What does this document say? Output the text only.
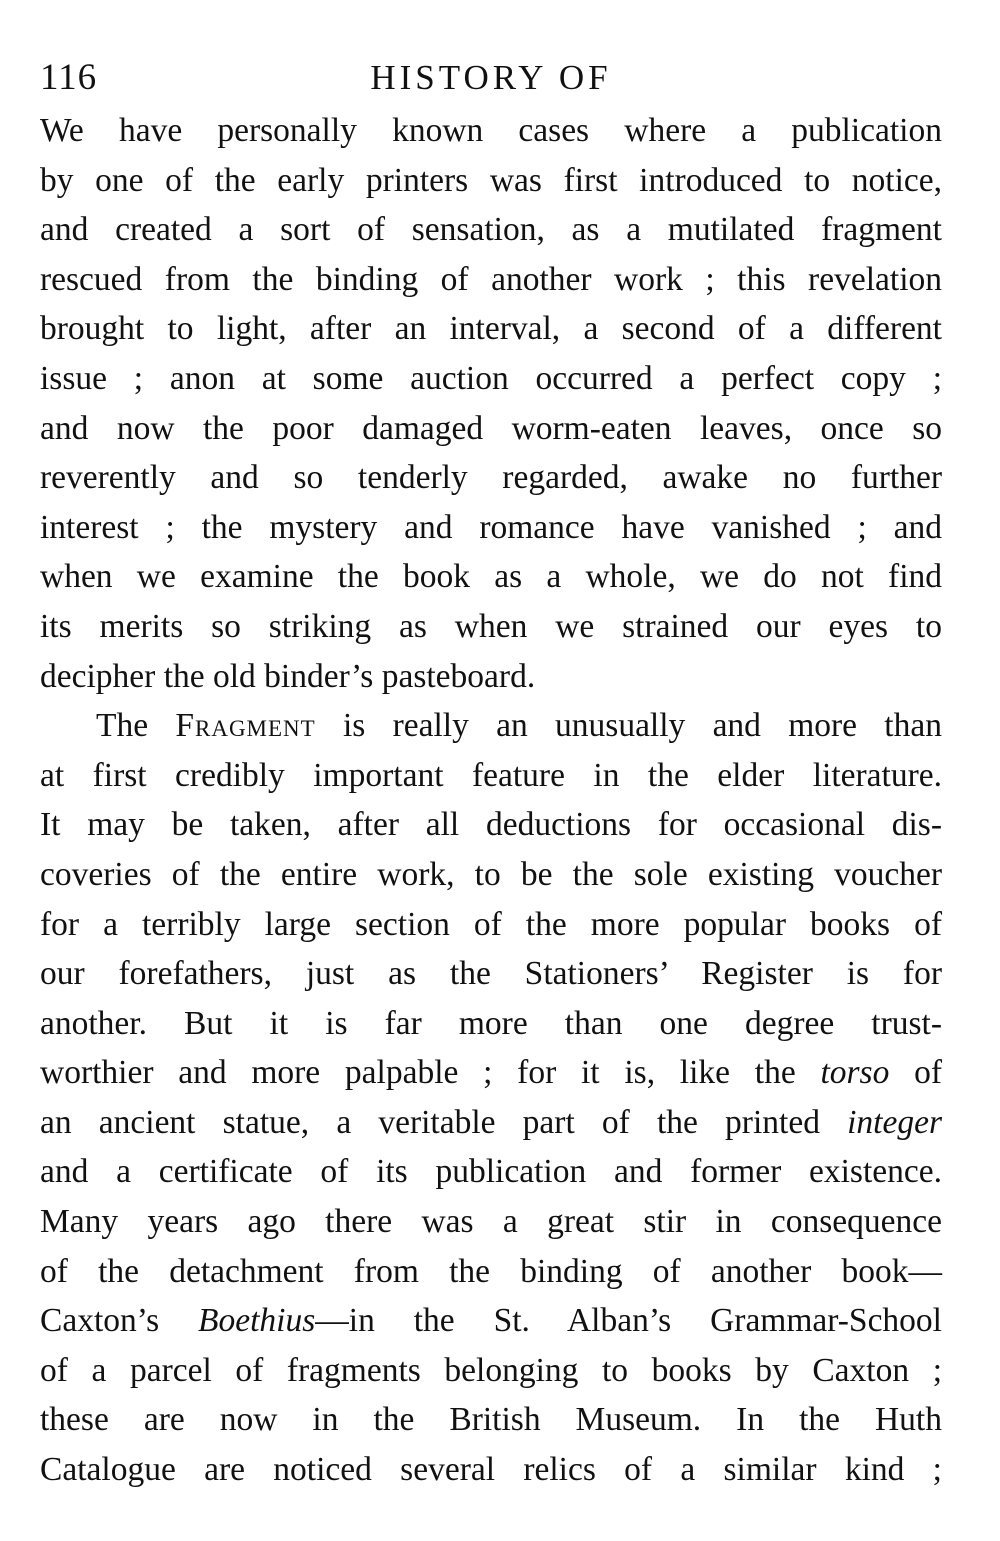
116	HISTORY OF
We have personally known cases where a publication
by one of the early printers was first introduced to notice,
and created a sort of sensation, as a mutilated fragment
rescued from the binding of another work ; this revelation
brought to light, after an interval, a second of a different
issue ; anon at some auction occurred a perfect copy ;
and now the poor damaged worm-eaten leaves, once so
reverently and so tenderly regarded, awake no further
interest ; the mystery and romance have vanished ; and
when we examine the book as a whole, we do not find
its merits so striking as when we strained our eyes to
decipher the old binder’s pasteboard.
The Fragment is really an unusually and more than
at first credibly important feature in the elder literature.
It may be taken, after all deductions for occasional dis-
coveries of the entire work, to be the sole existing voucher
for a terribly large section of the more popular books of
our forefathers, just as the Stationers’ Register is for
another. But it is far more than one degree trust-
worthier and more palpable ; for it is, like the torso of
an ancient statue, a veritable part of the printed integer
and a certificate of its publication and former existence.
Many years ago there was a great stir in consequence
of the detachment from the binding of another book—
Caxton’s Boethius—in the St. Alban’s Grammar-School
of a parcel of fragments belonging to books by Caxton ;
these are now in the British Museum. In the Huth
Catalogue are noticed several relics of a similar kind ;
